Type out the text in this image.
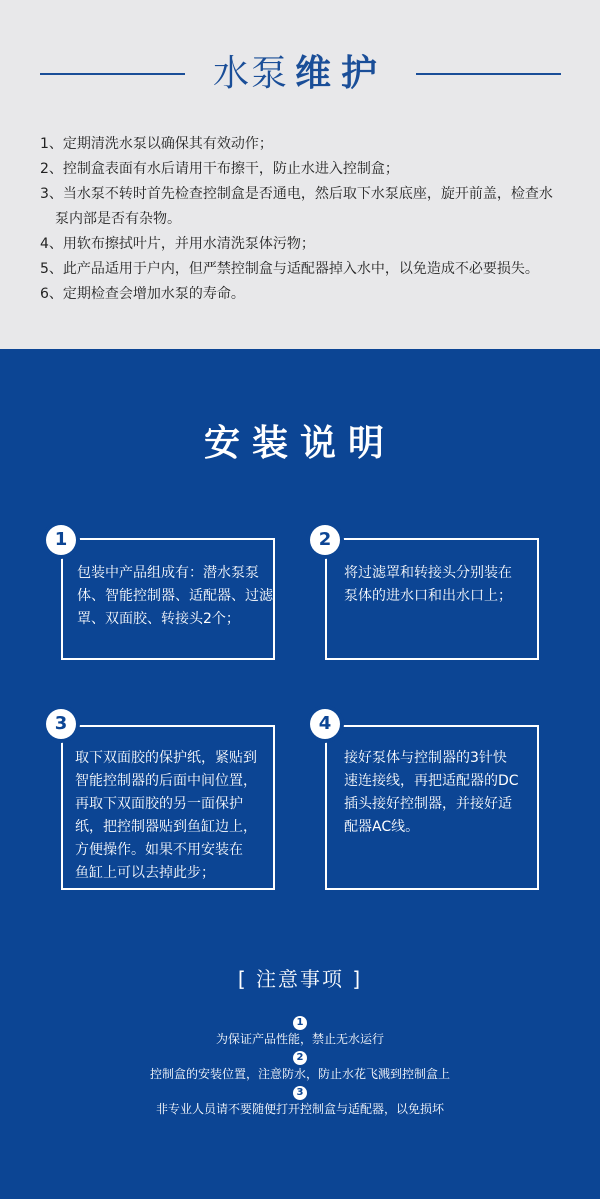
水泵 维护
1、定期清洗水泵以确保其有效动作；
2、控制盒表面有水后请用干布擦干，防止水进入控制盒；
3、当水泵不转时首先检查控制盒是否通电，然后取下水泵底座，旋开前盖，检查水
泵内部是否有杂物。
4、用软布擦拭叶片，并用水清洗泵体污物；
5、此产品适用于户内，但严禁控制盒与适配器掉入水中，以免造成不必要损失。
6、定期检查会增加水泵的寿命。
安装说明
包装中产品组成有：潜水泵泵
体、智能控制器、适配器、过滤
罩、双面胶、转接头2个；
1
将过滤罩和转接头分别装在
泵体的进水口和出水口上；
2
取下双面胶的保护纸，紧贴到
智能控制器的后面中间位置，
再取下双面胶的另一面保护
纸，把控制器贴到鱼缸边上，
方便操作。如果不用安装在
鱼缸上可以去掉此步；
3
接好泵体与控制器的3针快
速连接线，再把适配器的DC
插头接好控制器，并接好适
配器AC线。
4
[ 注意事项 ]
1
为保证产品性能，禁止无水运行
2
控制盒的安装位置，注意防水，防止水花飞溅到控制盒上
3
非专业人员请不要随便打开控制盒与适配器，以免损坏
